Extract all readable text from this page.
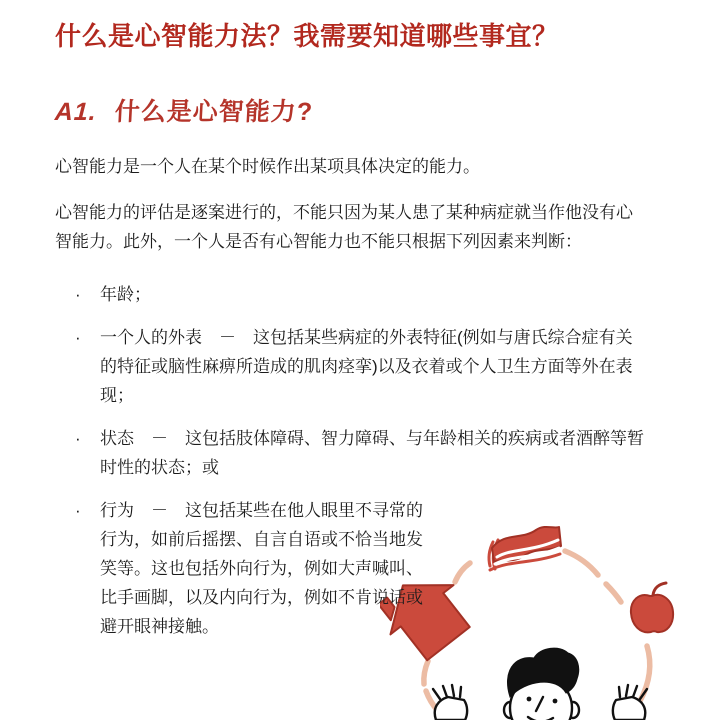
什么是心智能力法？我需要知道哪些事宜？
A1. 什么是心智能力?

心智能力是一个人在某个时候作出某项具体决定的能力。

心智能力的评估是逐案进行的，不能只因为某人患了某种病症就当作他没有心智能力。此外，一个人是否有心智能力也不能只根据下列因素来判断：

· 年龄；
· 一个人的外表　－　这包括某些病症的外表特征(例如与唐氏综合症有关的特征或脑性麻痹所造成的肌肉痉挛)以及衣着或个人卫生方面等外在表现；
· 状态　－　这包括肢体障碍、智力障碍、与年龄相关的疾病或者酒醉等暂时性的状态；或
· 行为　－　这包括某些在他人眼里不寻常的行为，如前后摇摆、自言自语或不恰当地发笑等。这也包括外向行为，例如大声喊叫、比手画脚，以及内向行为，例如不肯说话或避开眼神接触。
